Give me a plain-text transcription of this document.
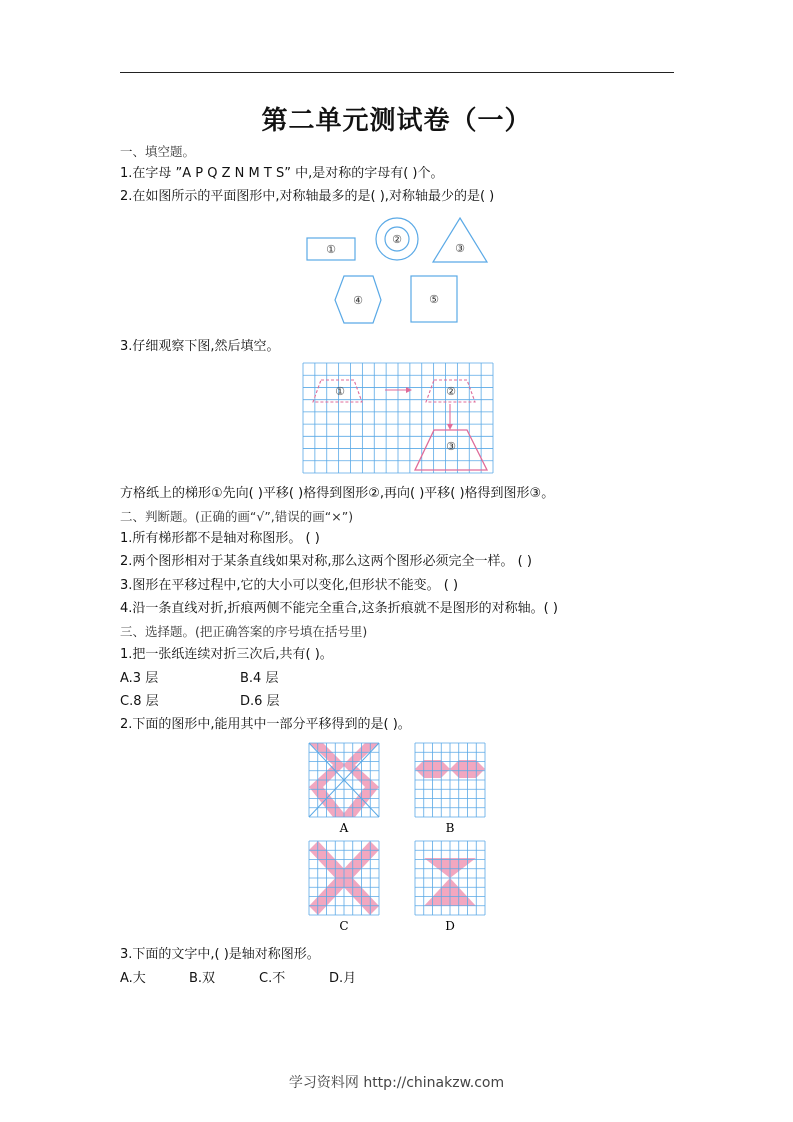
第二单元测试卷（一）
一、填空题。
1.在字母 ”A P Q Z N M T S” 中,是对称的字母有( )个。
2.在如图所示的平面图形中,对称轴最多的是( ),对称轴最少的是( )
①
②
③
④	⑤
3.仔细观察下图,然后填空。
①	②
③
方格纸上的梯形①先向( )平移( )格得到图形②,再向( )平移( )格得到图形③。
二、判断题。(正确的画“√”,错误的画“×”)
1.所有梯形都不是轴对称图形。 ( )
2.两个图形相对于某条直线如果对称,那么这两个图形必须完全一样。 ( )
3.图形在平移过程中,它的大小可以变化,但形状不能变。 ( )
4.沿一条直线对折,折痕两侧不能完全重合,这条折痕就不是图形的对称轴。( )
三、选择题。(把正确答案的序号填在括号里)
1.把一张纸连续对折三次后,共有( )。
A.3 层	B.4 层
C.8 层	D.6 层
2.下面的图形中,能用其中一部分平移得到的是( )。
A	B
C	D
3.下面的文字中,( )是轴对称图形。
A.大	B.双	C.不	D.月
学习资料网 http://chinakzw.com
